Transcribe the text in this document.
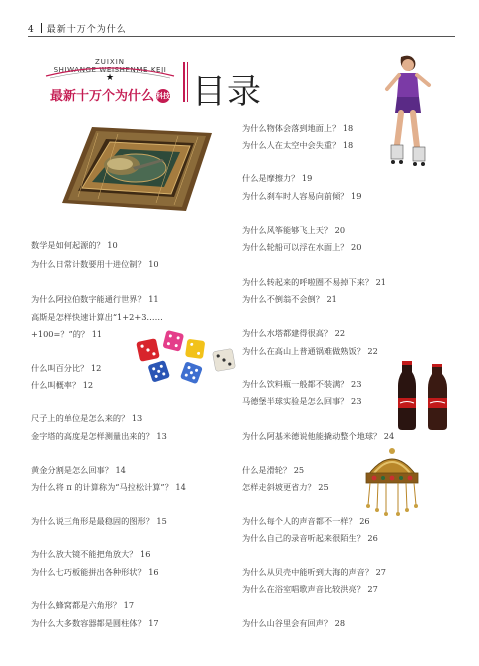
4 最新十万个为什么
ZUIXIN
SHIWANGE WEISHENME KEJI
★
最新十万个为什么 科技 目录
数学是如何起源的？ 10
为什么日常计数要用十进位制？ 10
为什么阿拉伯数字能通行世界？ 11
高斯是怎样快速计算出“1+2+3……
+100=？”的？ 11
什么叫百分比？ 12
什么叫概率？ 12
尺子上的单位是怎么来的？ 13
金字塔的高度是怎样测量出来的？ 13
黄金分割是怎么回事？ 14
为什么将 π 的计算称为“马拉松计算”？ 14
为什么说三角形是最稳固的图形？ 15
为什么放大镜不能把角放大？ 16
为什么七巧板能拼出各种形状？ 16
为什么蜂窝都是六角形？ 17
为什么大多数容器都是圆柱体？ 17
为什么物体会落到地面上？ 18
为什么人在太空中会失重？ 18
什么是摩擦力？ 19
为什么刹车时人容易向前倾？ 19
为什么风筝能够飞上天？ 20
为什么轮船可以浮在水面上？ 20
为什么转起来的呼啦圈不易掉下来？ 21
为什么不倒翁不会倒？ 21
为什么水塔都建得很高？ 22
为什么在高山上普通锅难做熟饭？ 22
为什么饮料瓶一般都不装满？ 23
马德堡半球实验是怎么回事？ 23
为什么阿基米德说他能撬动整个地球？ 24
什么是滑轮？ 25
怎样走斜坡更省力？ 25
为什么每个人的声音都不一样？ 26
为什么自己的录音听起来很陌生？ 26
为什么从贝壳中能听到大海的声音？ 27
为什么在浴室唱歌声音比较洪亮？ 27
为什么山谷里会有回声？ 28
